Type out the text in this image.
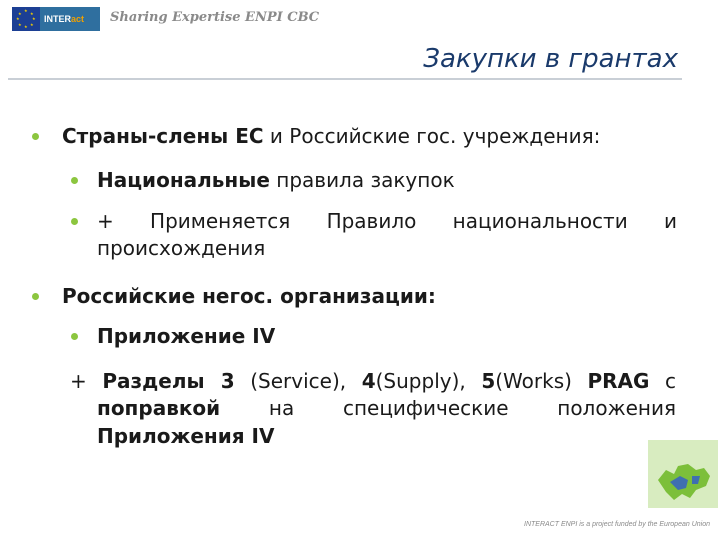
★
★
★
★
★
★
★
★
INTER act Sharing Expertise ENPI CBC
Закупки в грантах
Страны-слены ЕС и Российские гос. учреждения:
Национальные правила закупок
+ Применяется Правило национальности и
происхождения
Российские негос. организации:
Приложение IV
+ Разделы 3 (Service), 4(Supply), 5(Works) PRAG с
поправкой на специфические положения
Приложения IV
INTERACT ENPI is a project funded by the European Union
